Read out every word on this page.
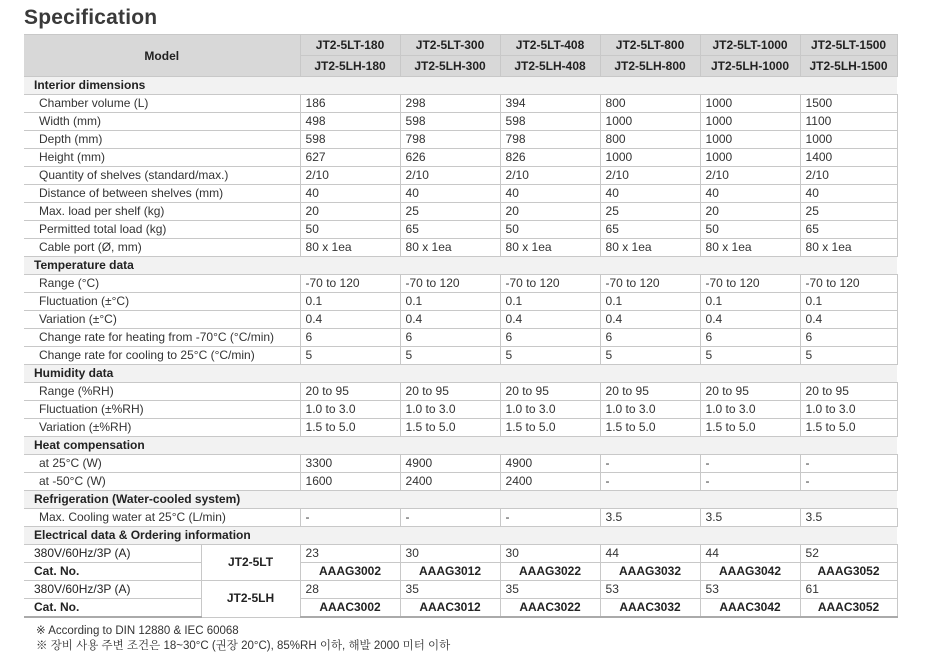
Specification
Model		JT2-5LT-180	JT2-5LT-300	JT2-5LT-408	JT2-5LT-800	JT2-5LT-1000	JT2-5LT-1500
		JT2-5LH-180	JT2-5LH-300	JT2-5LH-408	JT2-5LH-800	JT2-5LH-1000	JT2-5LH-1500
Interior dimensions							
Chamber volume (L)		186	298	394	800	1000	1500
Width (mm)		498	598	598	1000	1000	1100
Depth (mm)		598	798	798	800	1000	1000
Height (mm)		627	626	826	1000	1000	1400
Quantity of shelves (standard/max.)		2/10	2/10	2/10	2/10	2/10	2/10
Distance of between shelves (mm)		40	40	40	40	40	40
Max. load per shelf (kg)		20	25	20	25	20	25
Permitted total load (kg)		50	65	50	65	50	65
Cable port (Ø, mm)		80 x 1ea	80 x 1ea	80 x 1ea	80 x 1ea	80 x 1ea	80 x 1ea
Temperature data							
Range (°C)		-70 to 120	-70 to 120	-70 to 120	-70 to 120	-70 to 120	-70 to 120
Fluctuation (±°C)		0.1	0.1	0.1	0.1	0.1	0.1
Variation (±°C)		0.4	0.4	0.4	0.4	0.4	0.4
Change rate for heating from -70°C (°C/min)		6	6	6	6	6	6
Change rate for cooling to 25°C (°C/min)		5	5	5	5	5	5
Humidity data							
Range (%RH)		20 to 95	20 to 95	20 to 95	20 to 95	20 to 95	20 to 95
Fluctuation (±%RH)		1.0 to 3.0	1.0 to 3.0	1.0 to 3.0	1.0 to 3.0	1.0 to 3.0	1.0 to 3.0
Variation (±%RH)		1.5 to 5.0	1.5 to 5.0	1.5 to 5.0	1.5 to 5.0	1.5 to 5.0	1.5 to 5.0
Heat compensation							
at 25°C (W)		3300	4900	4900	-	-	-
at -50°C (W)		1600	2400	2400	-	-	-
Refrigeration (Water-cooled system)							
Max. Cooling water at 25°C (L/min)		-	-	-	3.5	3.5	3.5
Electrical data & Ordering information							
380V/60Hz/3P (A)	JT2-5LT	23	30	30	44	44	52
Cat. No.		AAAG3002	AAAG3012	AAAG3022	AAAG3032	AAAG3042	AAAG3052
380V/60Hz/3P (A)	JT2-5LH	28	35	35	53	53	61
Cat. No.		AAAC3002	AAAC3012	AAAC3022	AAAC3032	AAAC3042	AAAC3052
※ According to DIN 12880 & IEC 60068
※ 장비 사용 주변 조건은 18~30°C (권장 20°C), 85%RH 이하, 해발 2000 미터 이하
